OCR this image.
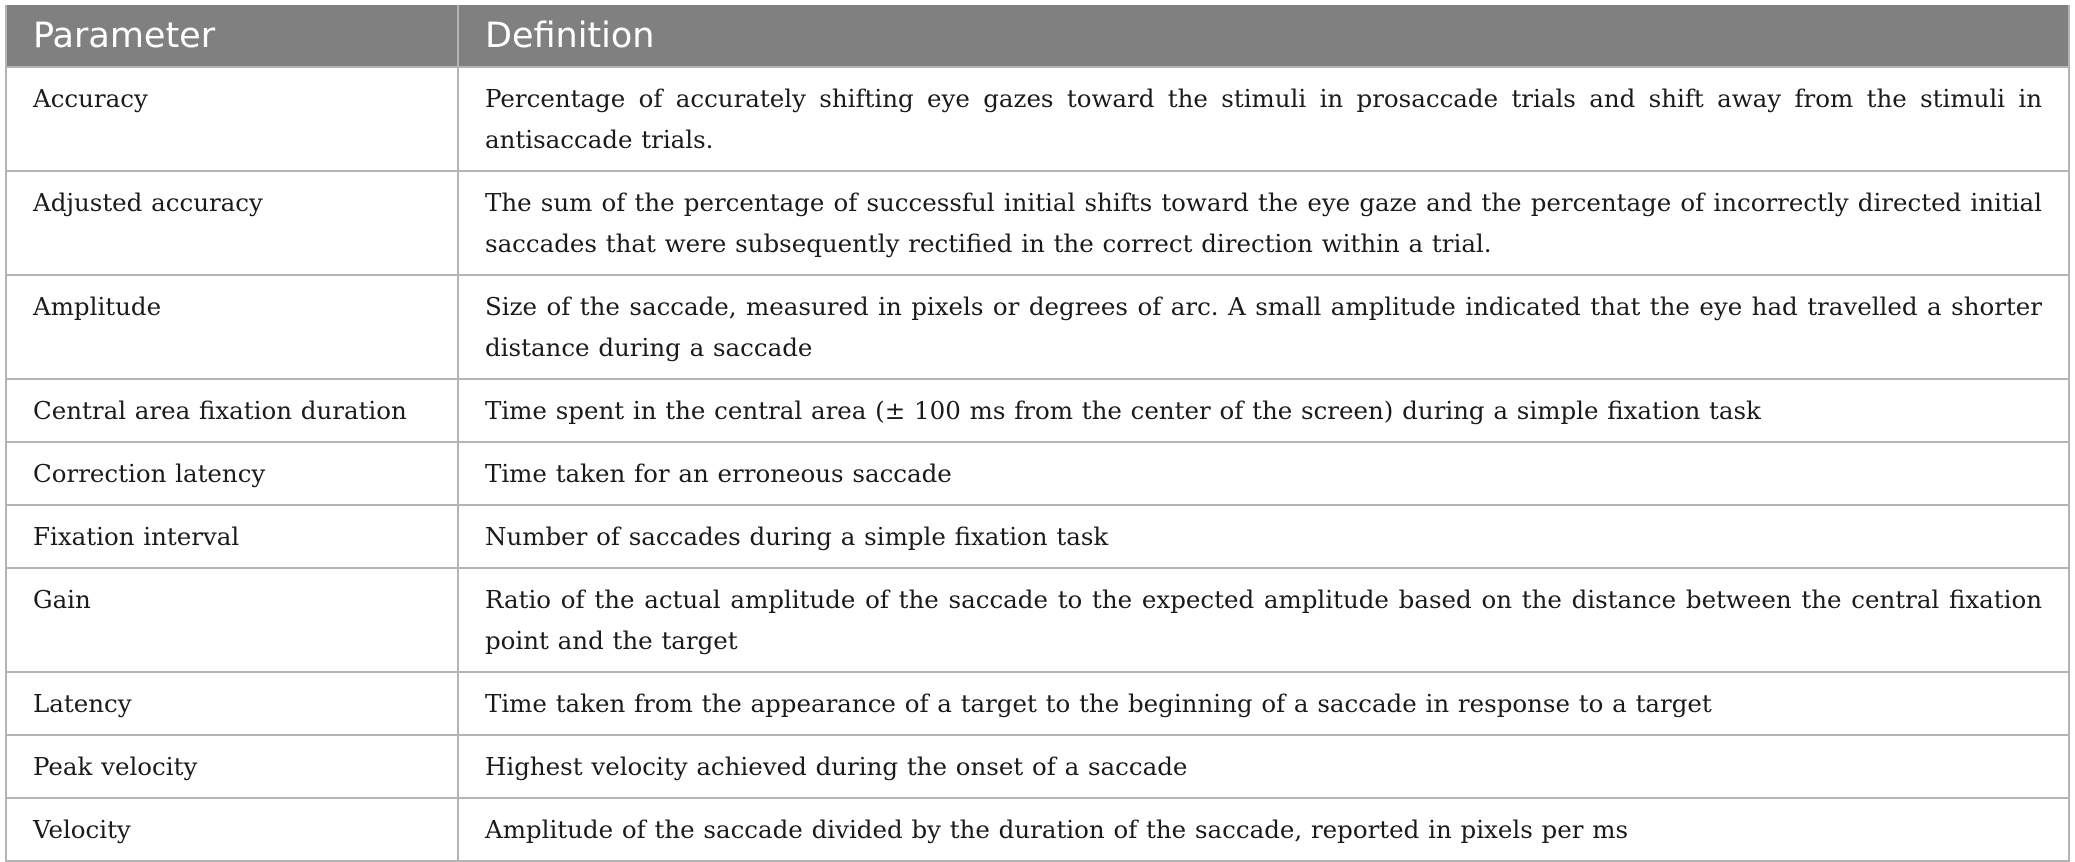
Parameter	Definition
Accuracy	Percentage of accurately shifting eye gazes toward the stimuli in prosaccade trials and shift away from the stimuli in antisaccade trials.
Adjusted accuracy	The sum of the percentage of successful initial shifts toward the eye gaze and the percentage of incorrectly directed initial saccades that were subsequently rectified in the correct direction within a trial.
Amplitude	Size of the saccade, measured in pixels or degrees of arc. A small amplitude indicated that the eye had travelled a shorter distance during a saccade
Central area fixation duration	Time spent in the central area (± 100 ms from the center of the screen) during a simple fixation task
Correction latency	Time taken for an erroneous saccade
Fixation interval	Number of saccades during a simple fixation task
Gain	Ratio of the actual amplitude of the saccade to the expected amplitude based on the distance between the central fixation point and the target
Latency	Time taken from the appearance of a target to the beginning of a saccade in response to a target
Peak velocity	Highest velocity achieved during the onset of a saccade
Velocity	Amplitude of the saccade divided by the duration of the saccade, reported in pixels per ms
